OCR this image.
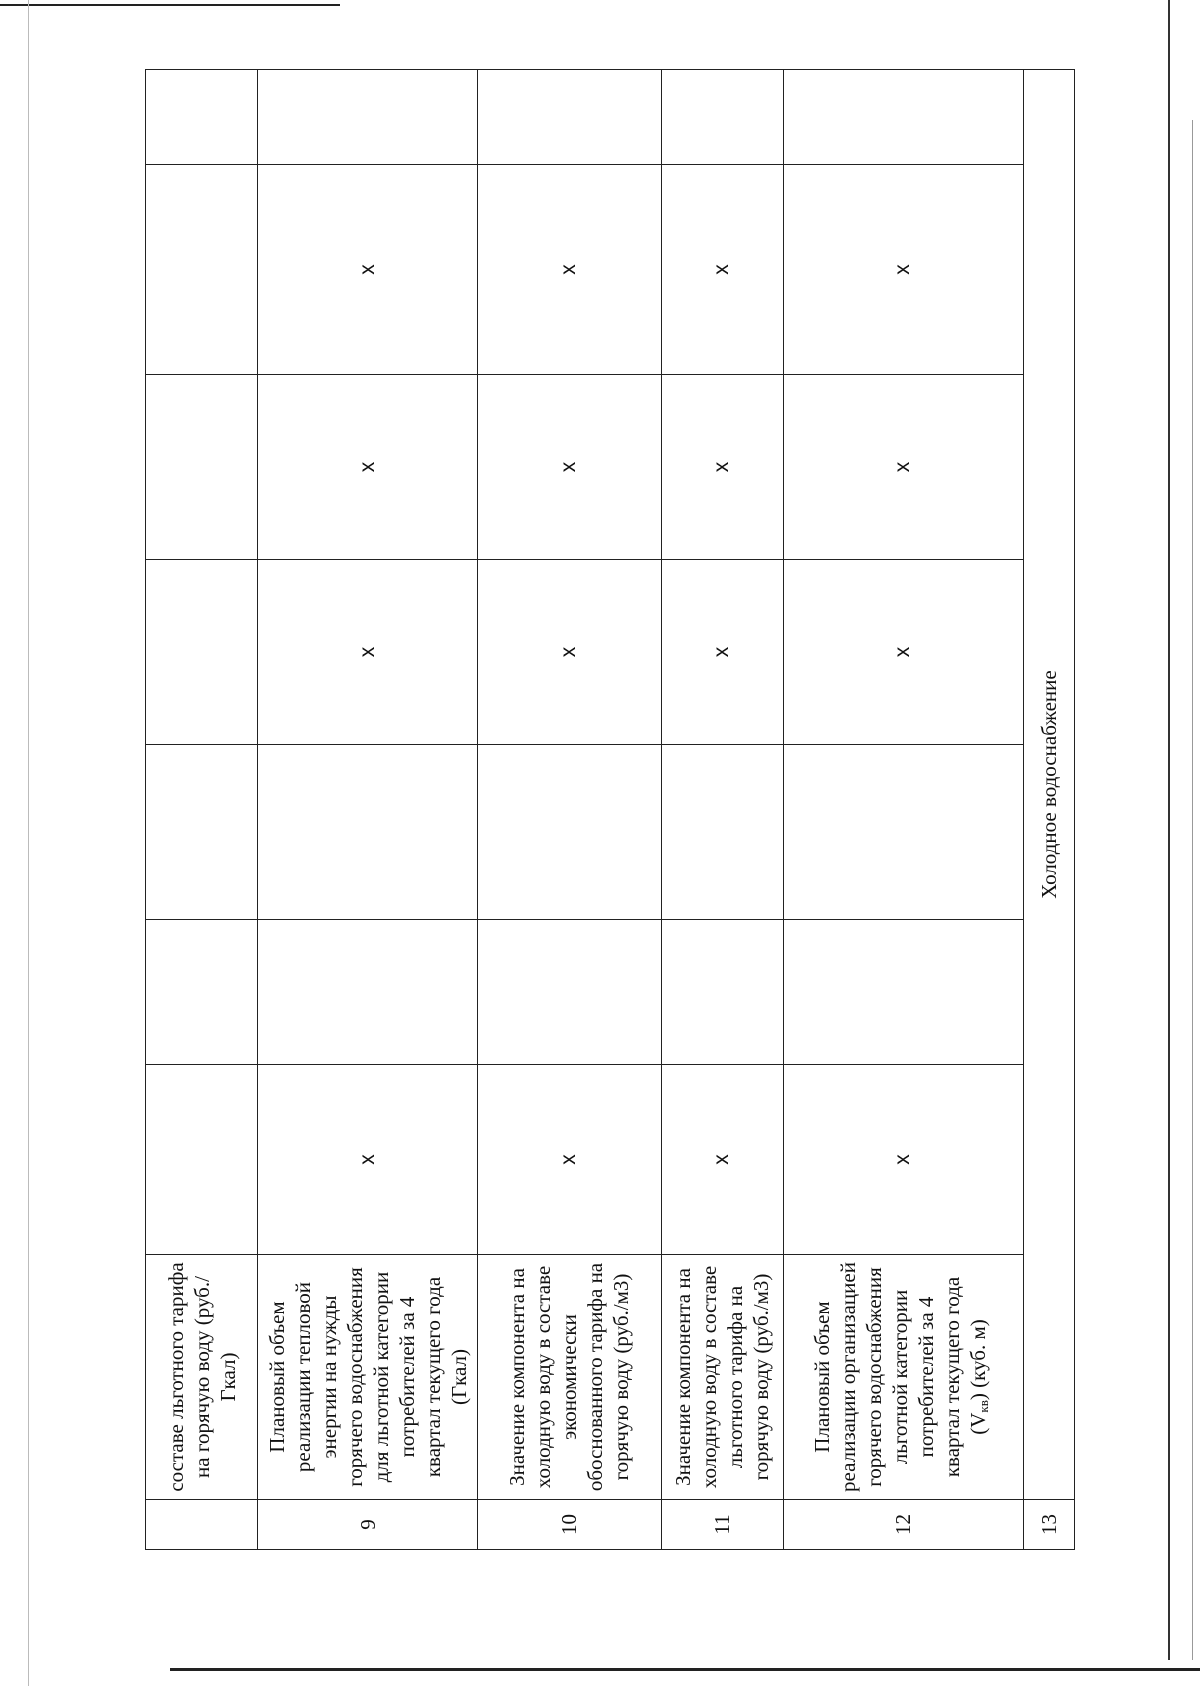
	составе льготного тарифа на горячую воду (руб./Гкал)							
9	Плановый объем реализации тепловой энергии на нужды горячего водоснабжения для льготной категории потребителей за 4 квартал текущего года (Гкал)	x			x	x	x	
10	Значение компонента на холодную воду в составе экономически обоснованного тарифа на горячую воду (руб./м3)	x			x	x	x	
11	Значение компонента на холодную воду в составе льготного тарифа на горячую воду (руб./м3)	x			x	x	x	
12	Плановый объем реализации организацией горячего водоснабжения льготной категории потребителей за 4 квартал текущего года $(V_{кв})$ (куб. м)	x			x	x	x	
13	Холодное водоснабжение							
